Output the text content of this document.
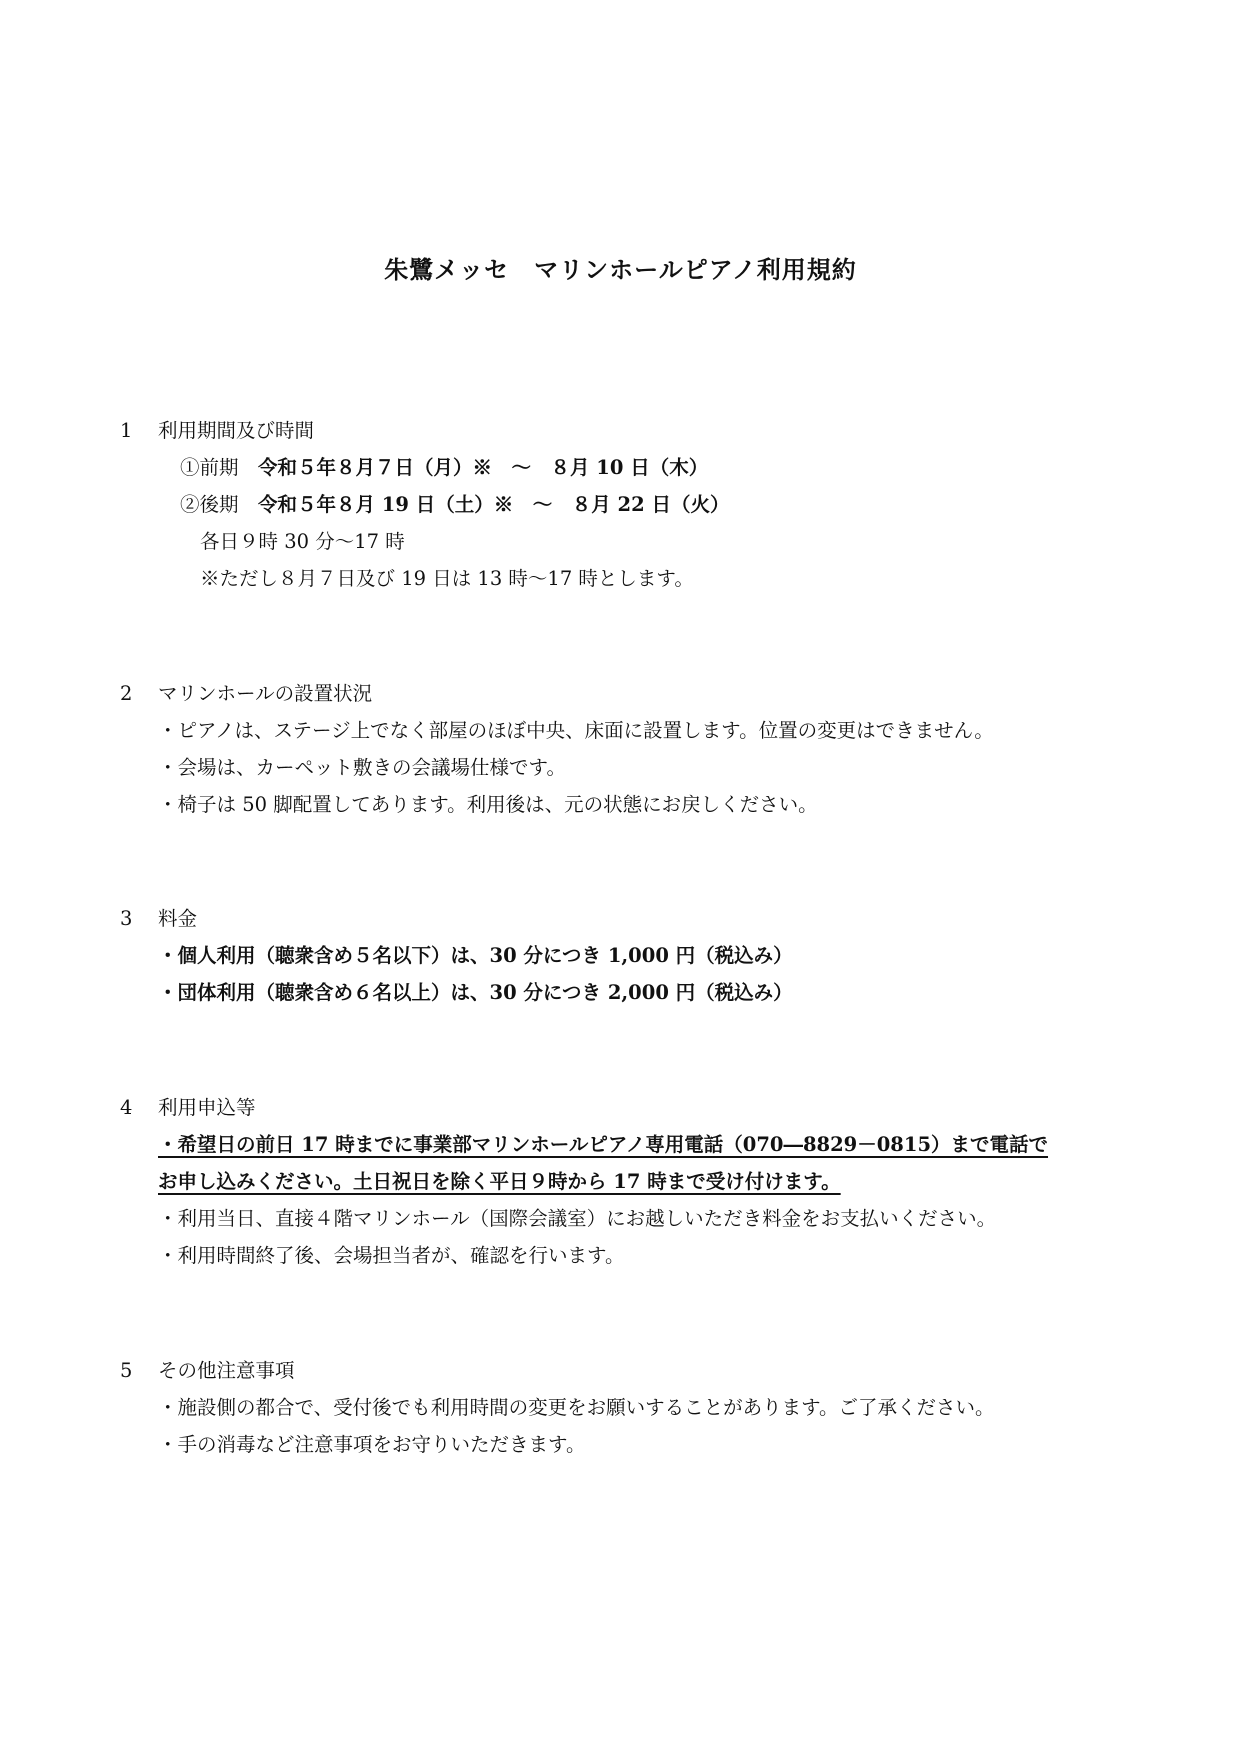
朱鷺メッセ　マリンホールピアノ利用規約
1 利用期間及び時間
①前期　令和５年８月７日（月）※　～　８月 10 日（木）
②後期　令和５年８月 19 日（土）※　～　８月 22 日（火）
各日９時 30 分～17 時
※ただし８月７日及び 19 日は 13 時～17 時とします。
2 マリンホールの設置状況
・ピアノは、ステージ上でなく部屋のほぼ中央、床面に設置します。位置の変更はできません。
・会場は、カーペット敷きの会議場仕様です。
・椅子は 50 脚配置してあります。利用後は、元の状態にお戻しください。
3 料金
・個人利用（聴衆含め５名以下）は、30 分につき 1,000 円（税込み）
・団体利用（聴衆含め６名以上）は、30 分につき 2,000 円（税込み）
4 利用申込等
・希望日の前日 17 時までに事業部マリンホールピアノ専用電話（070―8829－0815）まで電話で
お申し込みください。土日祝日を除く平日９時から 17 時まで受け付けます。
・利用当日、直接４階マリンホール（国際会議室）にお越しいただき料金をお支払いください。
・利用時間終了後、会場担当者が、確認を行います。
5 その他注意事項
・施設側の都合で、受付後でも利用時間の変更をお願いすることがあります。ご了承ください。
・手の消毒など注意事項をお守りいただきます。
